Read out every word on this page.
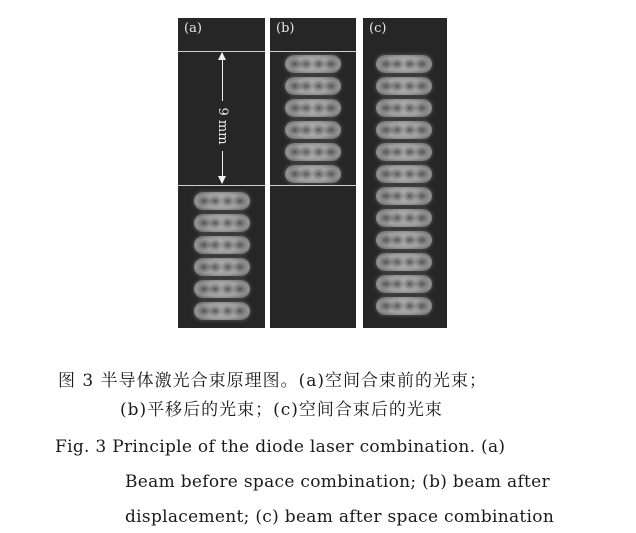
(a)
9 mm
(b)	(c)
图 3 半导体激光合束原理图。(a)空间合束前的光束；
(b)平移后的光束；(c)空间合束后的光束
Fig. 3 Principle of the diode laser combination. (a)
Beam before space combination; (b) beam after
displacement; (c) beam after space combination
